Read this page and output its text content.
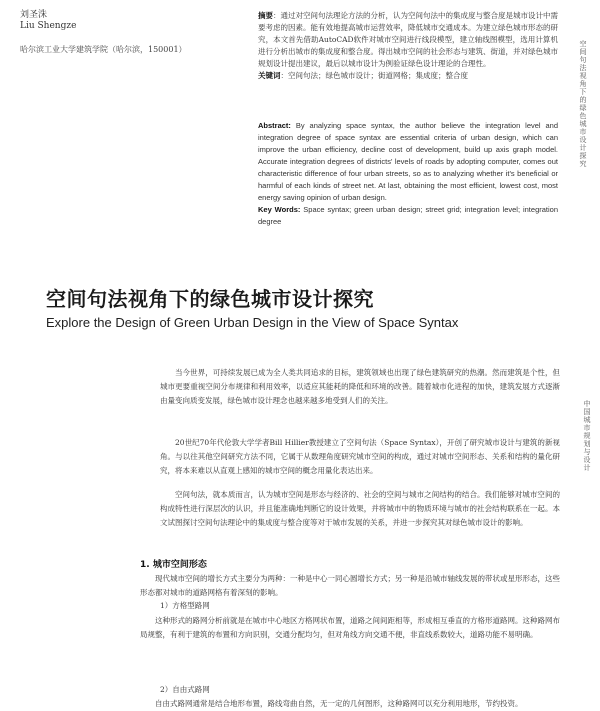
刘圣洙
Liu Shengze
哈尔滨工业大学建筑学院（哈尔滨，150001）
摘要：通过对空间句法理论方法的分析，认为空间句法中的集成度与整合度是城市设计中需要考虑的因素。能有效地提高城市运营效率，降低城市交通成本。为建立绿色城市形态的研究，本文首先借助AutoCAD软件对城市空间进行线段模型，建立轴线图模型，选用计算机进行分析出城市的集成度和整合度。得出城市空间的社会形态与建筑、街道，并对绿色城市规划设计提出建议，最后以城市设计为例验证绿色设计理论的合理性。
关键词：空间句法；绿色城市设计；街道网格；集成度；整合度
Abstract: By analyzing space syntax, the author believe the integration level and integration degree of space syntax are essential criteria of urban design, which can improve the urban efficiency, decline cost of development, build up axis graph model. Accurate integration degrees of districts' levels of roads by adopting computer, comes out characteristic difference of four urban streets, so as to analyzing whether it's beneficial or harmful of each kinds of street net. At last, obtaining the most efficient, lowest cost, most energy saving opinion of urban design.
Key Words: Space syntax; green urban design; street grid; integration level; integration degree
空间句法视角下的绿色城市设计探究
中国城市规划与设计
空间句法视角下的绿色城市设计探究
Explore the Design of Green Urban Design in the View of Space Syntax
当今世界，可持续发展已成为全人类共同追求的目标，建筑领域也出现了绿色建筑研究的热潮。然而建筑是个性，但城市更要重视空间分布规律和利用效率，以适应其能耗的降低和环境的改善。随着城市化进程的加快，建筑发展方式逐渐由量变向质变发展，绿色城市设计理念也越来越多地受到人们的关注。
20世纪70年代伦敦大学学者Bill Hillier教授建立了空间句法（Space Syntax），开创了研究城市设计与建筑的新视角。与以往其他空间研究方法不同，它属于从数理角度研究城市空间的构成，通过对城市空间形态、关系和结构的量化研究，将本来难以从直观上感知的城市空间的概念用量化表达出来。
空间句法，就本质而言，认为城市空间是形态与经济的、社会的空间与城市之间结构的结合。我们能够对城市空间的构成特性进行深层次的认识，并且能准确地判断它的设计效果，并将城市中的物质环境与城市的社会结构联系在一起。本文试图探讨空间句法理论中的集成度与整合度等对于城市发展的关系，并进一步探究其对绿色城市设计的影响。
1. 城市空间形态
现代城市空间的增长方式主要分为两种：一种是中心一同心圆增长方式；另一种是沿城市轴线发展的带状或星形形态，这些形态都对城市的道路网格有着深刻的影响。
1）方格型路网
这种形式的路网分析前就是在城市中心地区方格网状布置，道路之间间距相等，形成相互垂直的方格形道路网。这种路网布局规整，有利于建筑的布置和方向识别，交通分配均匀，但对角线方向交通不便，非直线系数较大，道路功能不易明确。
2）自由式路网
自由式路网通常是结合地形布置，路线弯曲自然，无一定的几何图形，这种路网可以充分利用地形，节约投资。
